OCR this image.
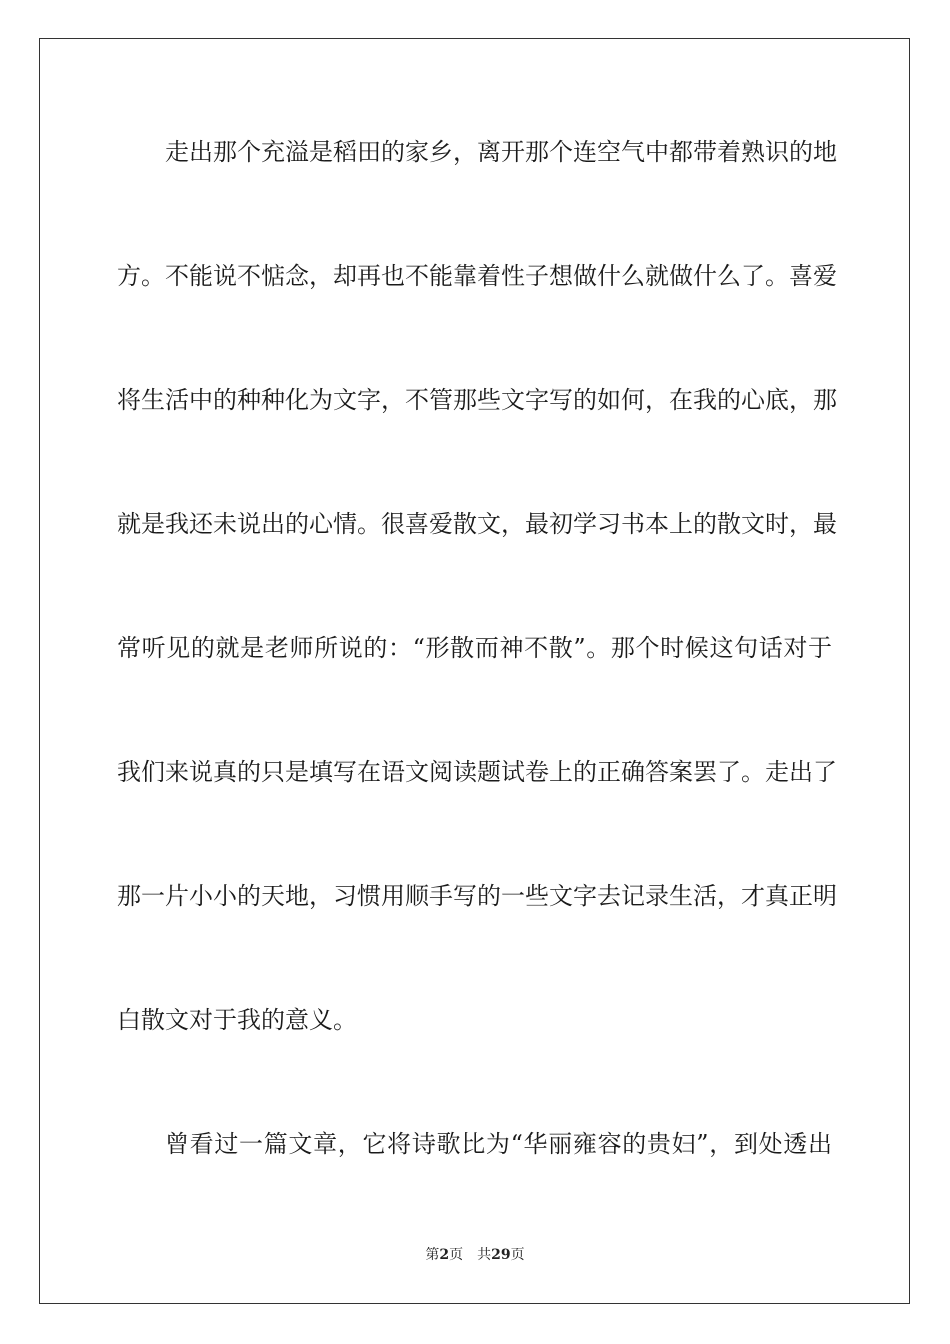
走出那个充溢是稻田的家乡，离开那个连空气中都带着熟识的地
方。不能说不惦念，却再也不能靠着性子想做什么就做什么了。喜爱
将生活中的种种化为文字，不管那些文字写的如何，在我的心底，那
就是我还未说出的心情。很喜爱散文，最初学习书本上的散文时，最
常听见的就是老师所说的：“形散而神不散”。那个时候这句话对于
我们来说真的只是填写在语文阅读题试卷上的正确答案罢了。走出了
那一片小小的天地，习惯用顺手写的一些文字去记录生活，才真正明
白散文对于我的意义。
曾看过一篇文章，它将诗歌比为“华丽雍容的贵妇”，到处透出
第2页 共29页
